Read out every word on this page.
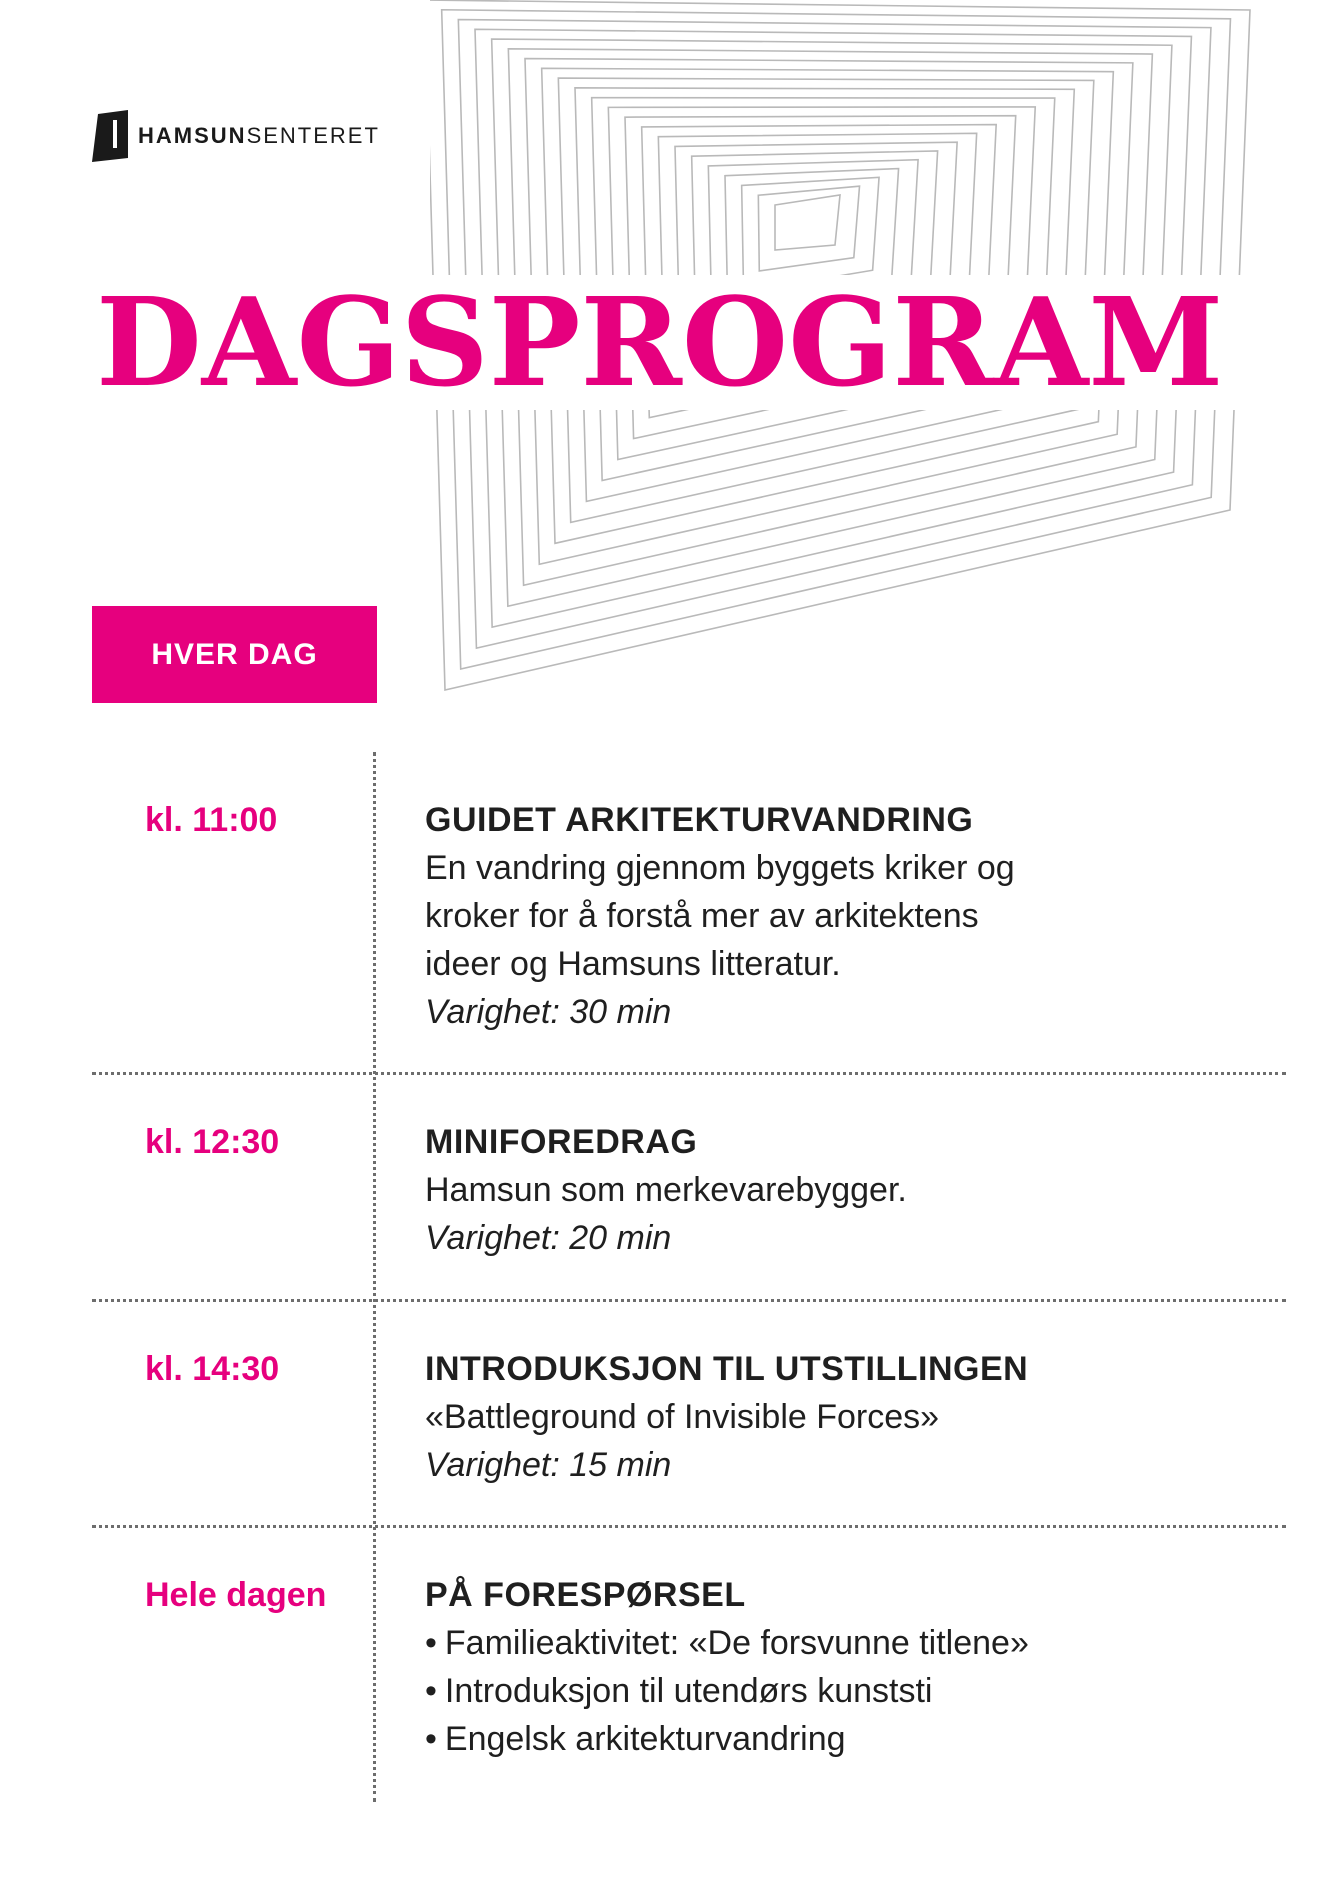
HAMSUNSENTERET
DAGSPROGRAM
HVER DAG
kl. 11:00	GUIDET ARKITEKTURVANDRING
En vandring gjennom byggets kriker og
kroker for å forstå mer av arkitektens
ideer og Hamsuns litteratur.
Varighet: 30 min
kl. 12:30	MINIFOREDRAG
Hamsun som merkevarebygger.
Varighet: 20 min
kl. 14:30	INTRODUKSJON TIL UTSTILLINGEN
«Battleground of Invisible Forces»
Varighet: 15 min
Hele dagen	PÅ FORESPØRSEL
• Familieaktivitet: «De forsvunne titlene»
• Introduksjon til utendørs kunststi
• Engelsk arkitekturvandring
